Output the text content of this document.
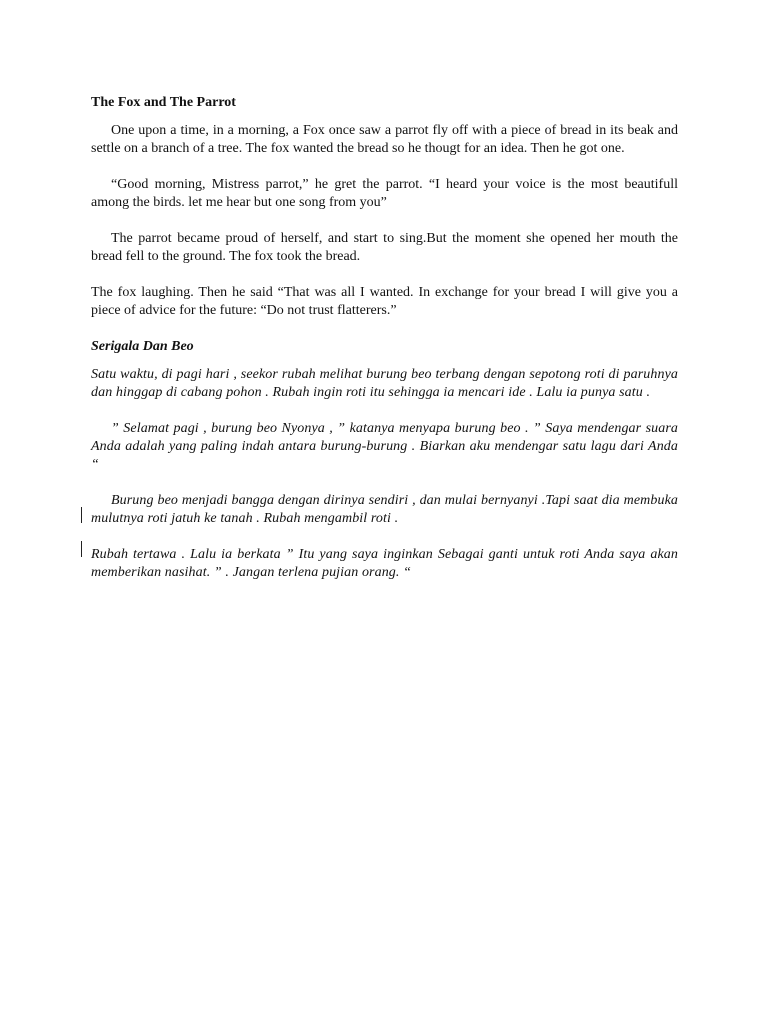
The Fox and The Parrot

One upon a time, in a morning, a Fox once saw a parrot fly off with a piece of bread in its beak and settle on a branch of a tree. The fox wanted the bread so he thougt for an idea. Then he got one.

“Good morning, Mistress parrot,” he gret the parrot. “I heard your voice is the most beautifull among the birds. let me hear but one song from you”

The parrot became proud of herself, and start to sing.But the moment she opened her mouth the bread fell to the ground. The fox took the bread.

The fox laughing. Then he said “That was all I wanted. In exchange for your bread I will give you a piece of advice for the future: “Do not trust flatterers.”

Serigala Dan Beo

Satu waktu, di pagi hari , seekor rubah melihat burung beo terbang dengan sepotong roti di paruhnya dan hinggap di cabang pohon . Rubah ingin roti itu sehingga ia mencari ide . Lalu ia punya satu .

” Selamat pagi , burung beo Nyonya , ” katanya menyapa burung beo . ” Saya mendengar suara Anda adalah yang paling indah antara burung-burung . Biarkan aku mendengar satu lagu dari Anda “

Burung beo menjadi bangga dengan dirinya sendiri , dan mulai bernyanyi .Tapi saat dia membuka mulutnya roti jatuh ke tanah . Rubah mengambil roti .

Rubah tertawa . Lalu ia berkata ” Itu yang saya inginkan Sebagai ganti untuk roti Anda saya akan memberikan nasihat. ” . Jangan terlena pujian orang. “
